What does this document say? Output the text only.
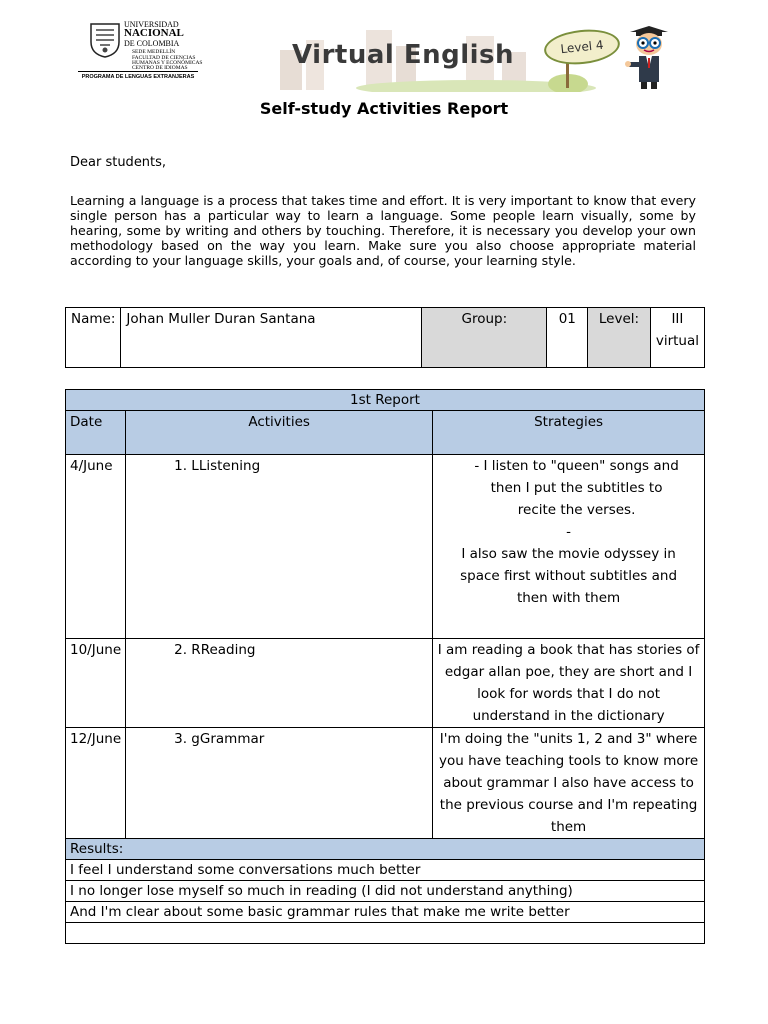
UNIVERSIDAD
NACIONAL
DE COLOMBIA
SEDE MEDELLÍN
FACULTAD DE CIENCIAS
HUMANAS Y ECONÓMICAS
CENTRO DE IDIOMAS
PROGRAMA DE LENGUAS EXTRANJERAS
Virtual English	Level 4
Self-study Activities Report
Dear students,
Learning a language is a process that takes time and effort. It is very important to know that every single person has a particular way to learn a language. Some people learn visually, some by hearing, some by writing and others by touching. Therefore, it is necessary you develop your own methodology based on the way you learn. Make sure you also choose appropriate material according to your language skills, your goals and, of course, your learning style.
Name:	Johan Muller Duran Santana	Group:	01	Level:	III virtual
1st Report		
Date	Activities	Strategies
4/June	1. LListening	- I listen to "queen" songs and then I put the subtitles to recite the verses.
-
I also saw the movie odyssey in space first without subtitles and then with them

10/June	2. RReading	I am reading a book that has stories of edgar allan poe, they are short and I look for words that I do not understand in the dictionary
12/June	3. gGrammar	I'm doing the "units 1, 2 and 3" where you have teaching tools to know more about grammar I also have access to the previous course and I'm repeating them
Results:		
I feel I understand some conversations much better		
I no longer lose myself so much in reading (I did not understand anything)		
And I'm clear about some basic grammar rules that make me write better		
